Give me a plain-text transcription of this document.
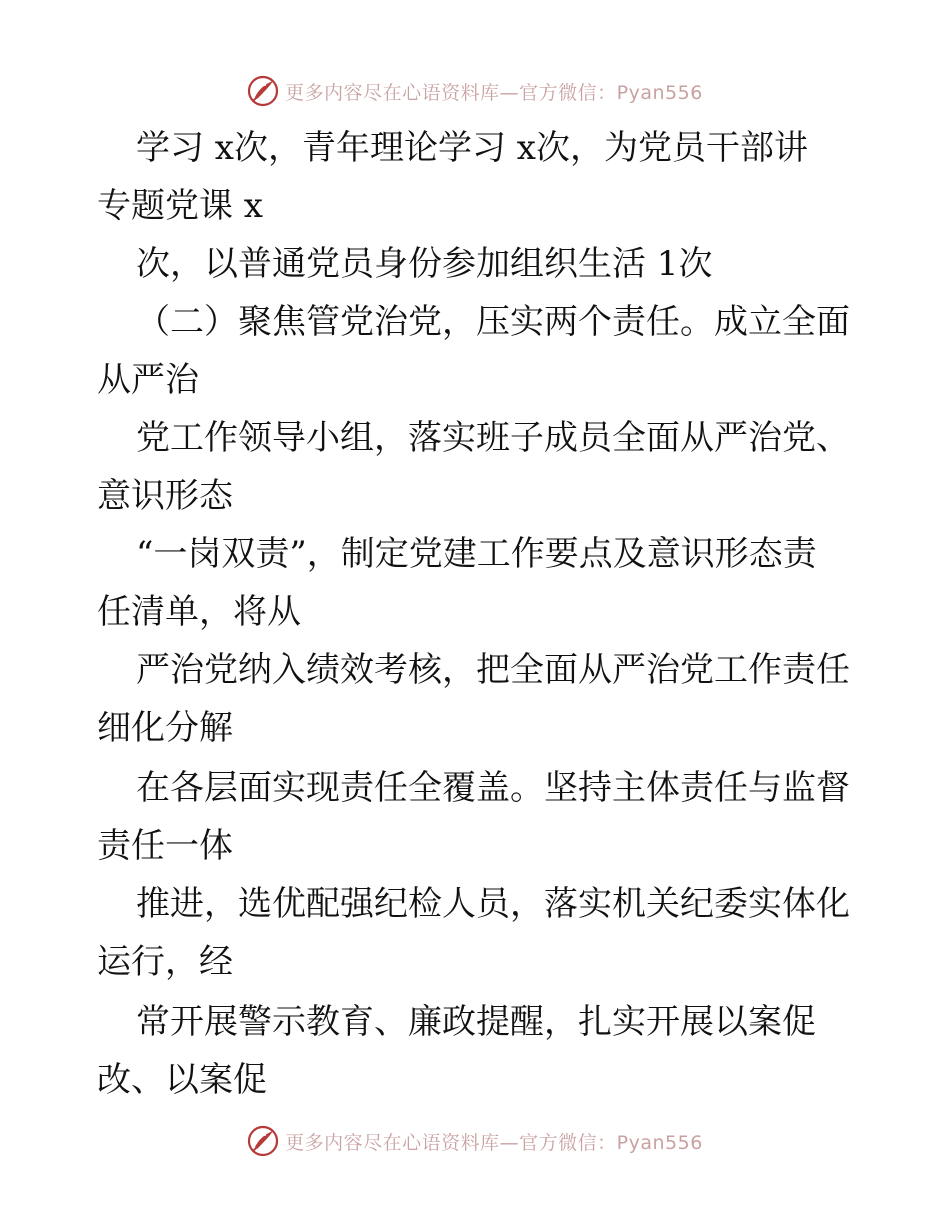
更多内容尽在心语资料库—官方微信：Pyan556

学习 x次，青年理论学习 x次，为党员干部讲

专题党课 x

次，以普通党员身份参加组织生活 1次

（二）聚焦管党治党，压实两个责任。成立全面

从严治

党工作领导小组，落实班子成员全面从严治党、

意识形态

“一岗双责”，制定党建工作要点及意识形态责

任清单，将从

严治党纳入绩效考核，把全面从严治党工作责任

细化分解

在各层面实现责任全覆盖。坚持主体责任与监督

责任一体

推进，选优配强纪检人员，落实机关纪委实体化

运行，经

常开展警示教育、廉政提醒，扎实开展以案促

改、以案促

更多内容尽在心语资料库—官方微信：Pyan556
